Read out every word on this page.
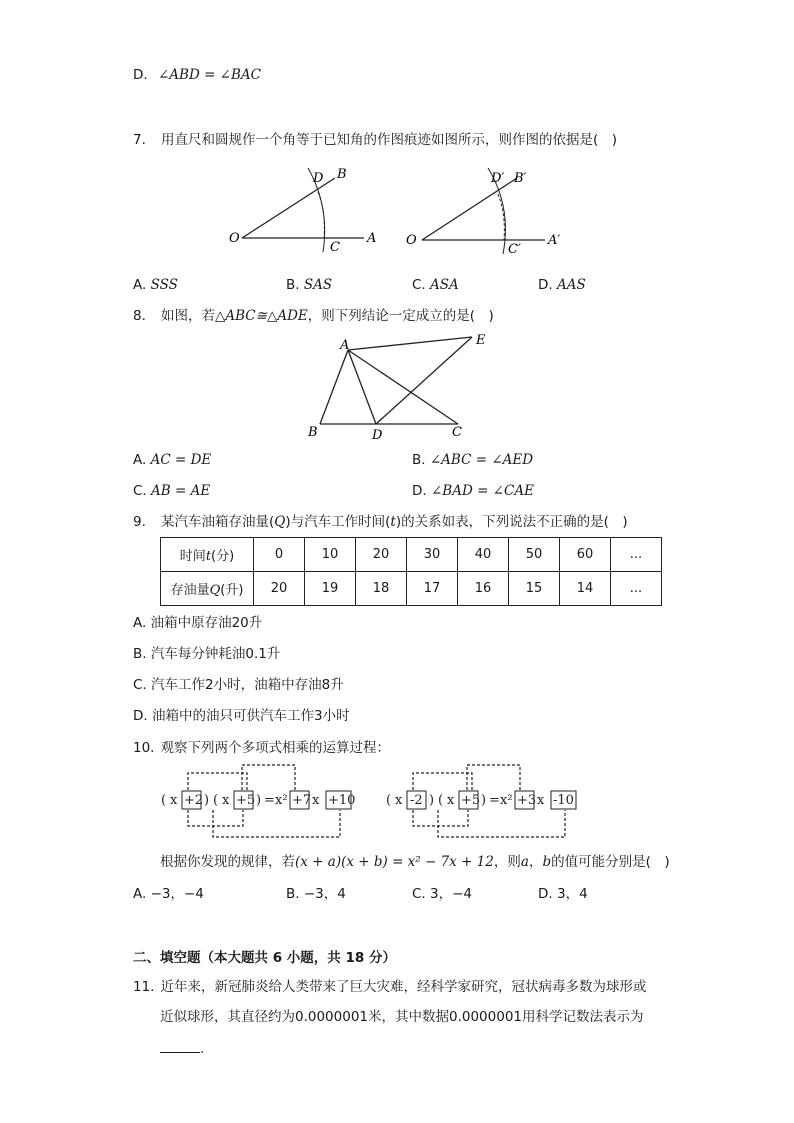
D. ∠ABD = ∠BAC
7. 用直尺和圆规作一个角等于已知角的作图痕迹如图所示，则作图的依据是(　)
O
C
A
D B
O
C′
A′
D′ B′
A. SSS	B. SAS	C. ASA	D. AAS
8. 如图，若△ABC≅△ADE，则下列结论一定成立的是(　)
A
B	C
D
E
A. AC = DE	B. ∠ABC = ∠AED
C. AB = AE	D. ∠BAD = ∠CAE
9. 某汽车油箱存油量(Q)与汽车工作时间(t)的关系如表，下列说法不正确的是(　)
时间t(分)	0	10	20	30	40	50	60	...
存油量Q(升)	20	19	18	17	16	15	14	...
A. 油箱中原存油20升
B. 汽车每分钟耗油0.1升
C. 汽车工作2小时，油箱中存油8升
D. 油箱中的油只可供汽车工作3小时
10. 观察下列两个多项式相乘的运算过程：
( x +2 ) ( x +5 ) = x² +7 x +10 ( x -2 ) ( x +5 ) = x² +3 x -10
根据你发现的规律，若(x + a)(x + b) = x² − 7x + 12，则a，b的值可能分别是(　)
A. −3，−4	B. −3，4	C. 3，−4	D. 3，4
二、填空题（本大题共 6 小题，共 18 分）
11. 近年来，新冠肺炎给人类带来了巨大灾难，经科学家研究，冠状病毒多数为球形或
近似球形，其直径约为0.0000001米，其中数据0.0000001用科学记数法表示为
.
